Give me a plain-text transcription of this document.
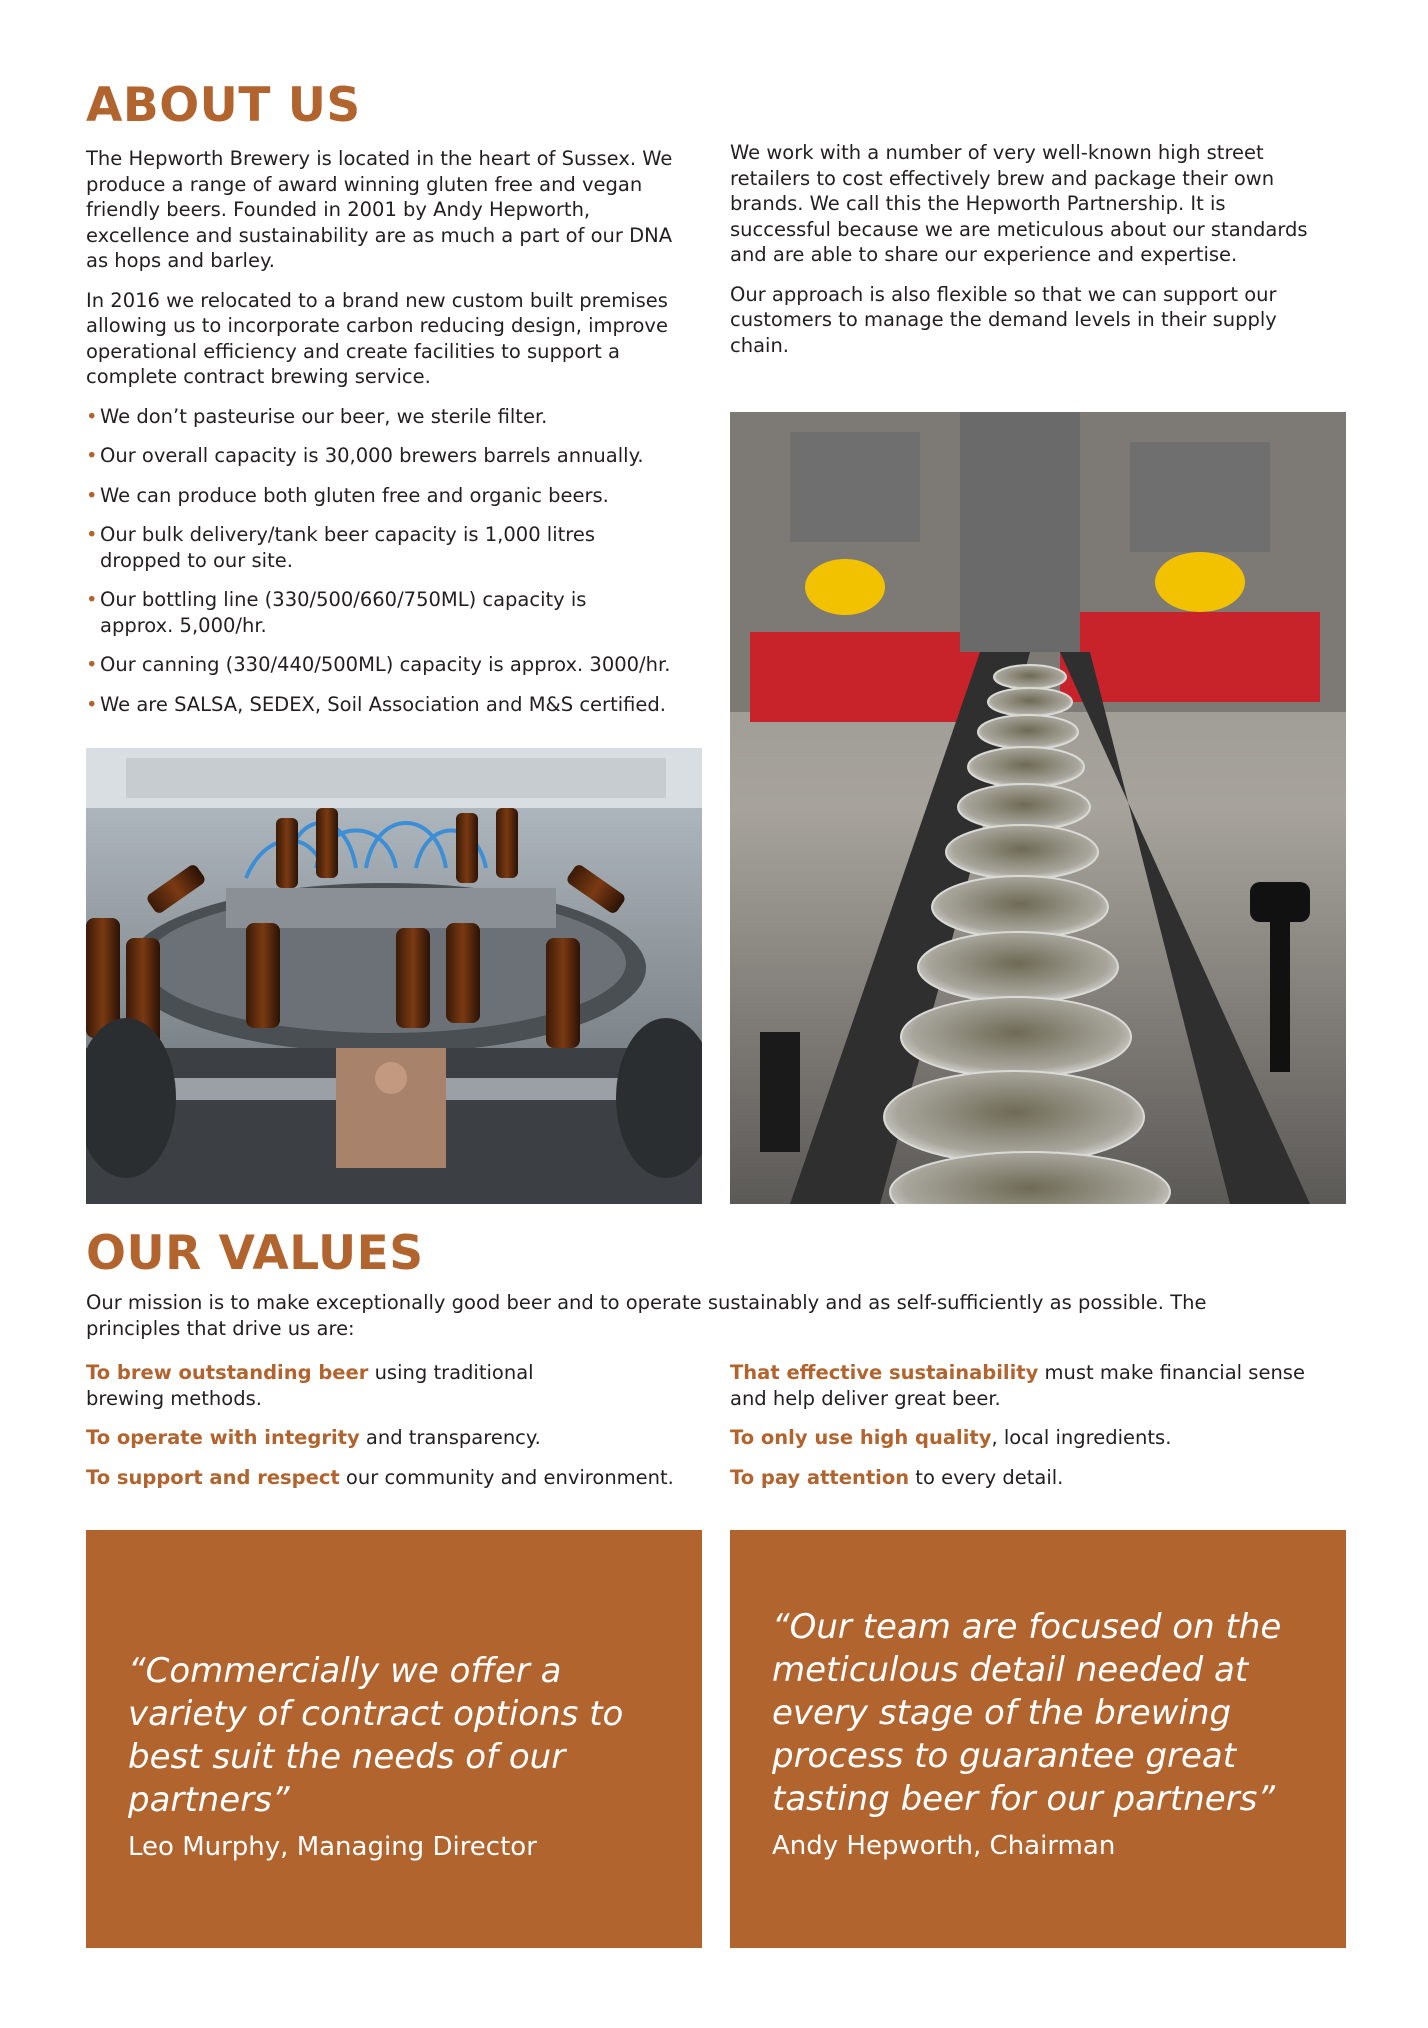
ABOUT US

The Hepworth Brewery is located in the heart of Sussex. We produce a range of award winning gluten free and vegan friendly beers. Founded in 2001 by Andy Hepworth, excellence and sustainability are as much a part of our DNA as hops and barley.

In 2016 we relocated to a brand new custom built premises allowing us to incorporate carbon reducing design, improve operational efficiency and create facilities to support a complete contract brewing service.

• We don’t pasteurise our beer, we sterile filter.
• Our overall capacity is 30,000 brewers barrels annually.
• We can produce both gluten free and organic beers.
• Our bulk delivery/tank beer capacity is 1,000 litres dropped to our site.
• Our bottling line (330/500/660/750ML) capacity is approx. 5,000/hr.
• Our canning (330/440/500ML) capacity is approx. 3000/hr.
• We are SALSA, SEDEX, Soil Association and M&S certified.

We work with a number of very well-known high street retailers to cost effectively brew and package their own brands. We call this the Hepworth Partnership. It is successful because we are meticulous about our standards and are able to share our experience and expertise.

Our approach is also flexible so that we can support our customers to manage the demand levels in their supply chain.

OUR VALUES

Our mission is to make exceptionally good beer and to operate sustainably and as self-sufficiently as possible. The principles that drive us are:

To brew outstanding beer using traditional brewing methods.
To operate with integrity and transparency.
To support and respect our community and environment.
That effective sustainability must make financial sense and help deliver great beer.
To only use high quality, local ingredients.
To pay attention to every detail.
“Commercially we offer a variety of contract options to best suit the needs of our partners”
Leo Murphy, Managing Director
“Our team are focused on the meticulous detail needed at every stage of the brewing process to guarantee great tasting beer for our partners”
Andy Hepworth, Chairman
